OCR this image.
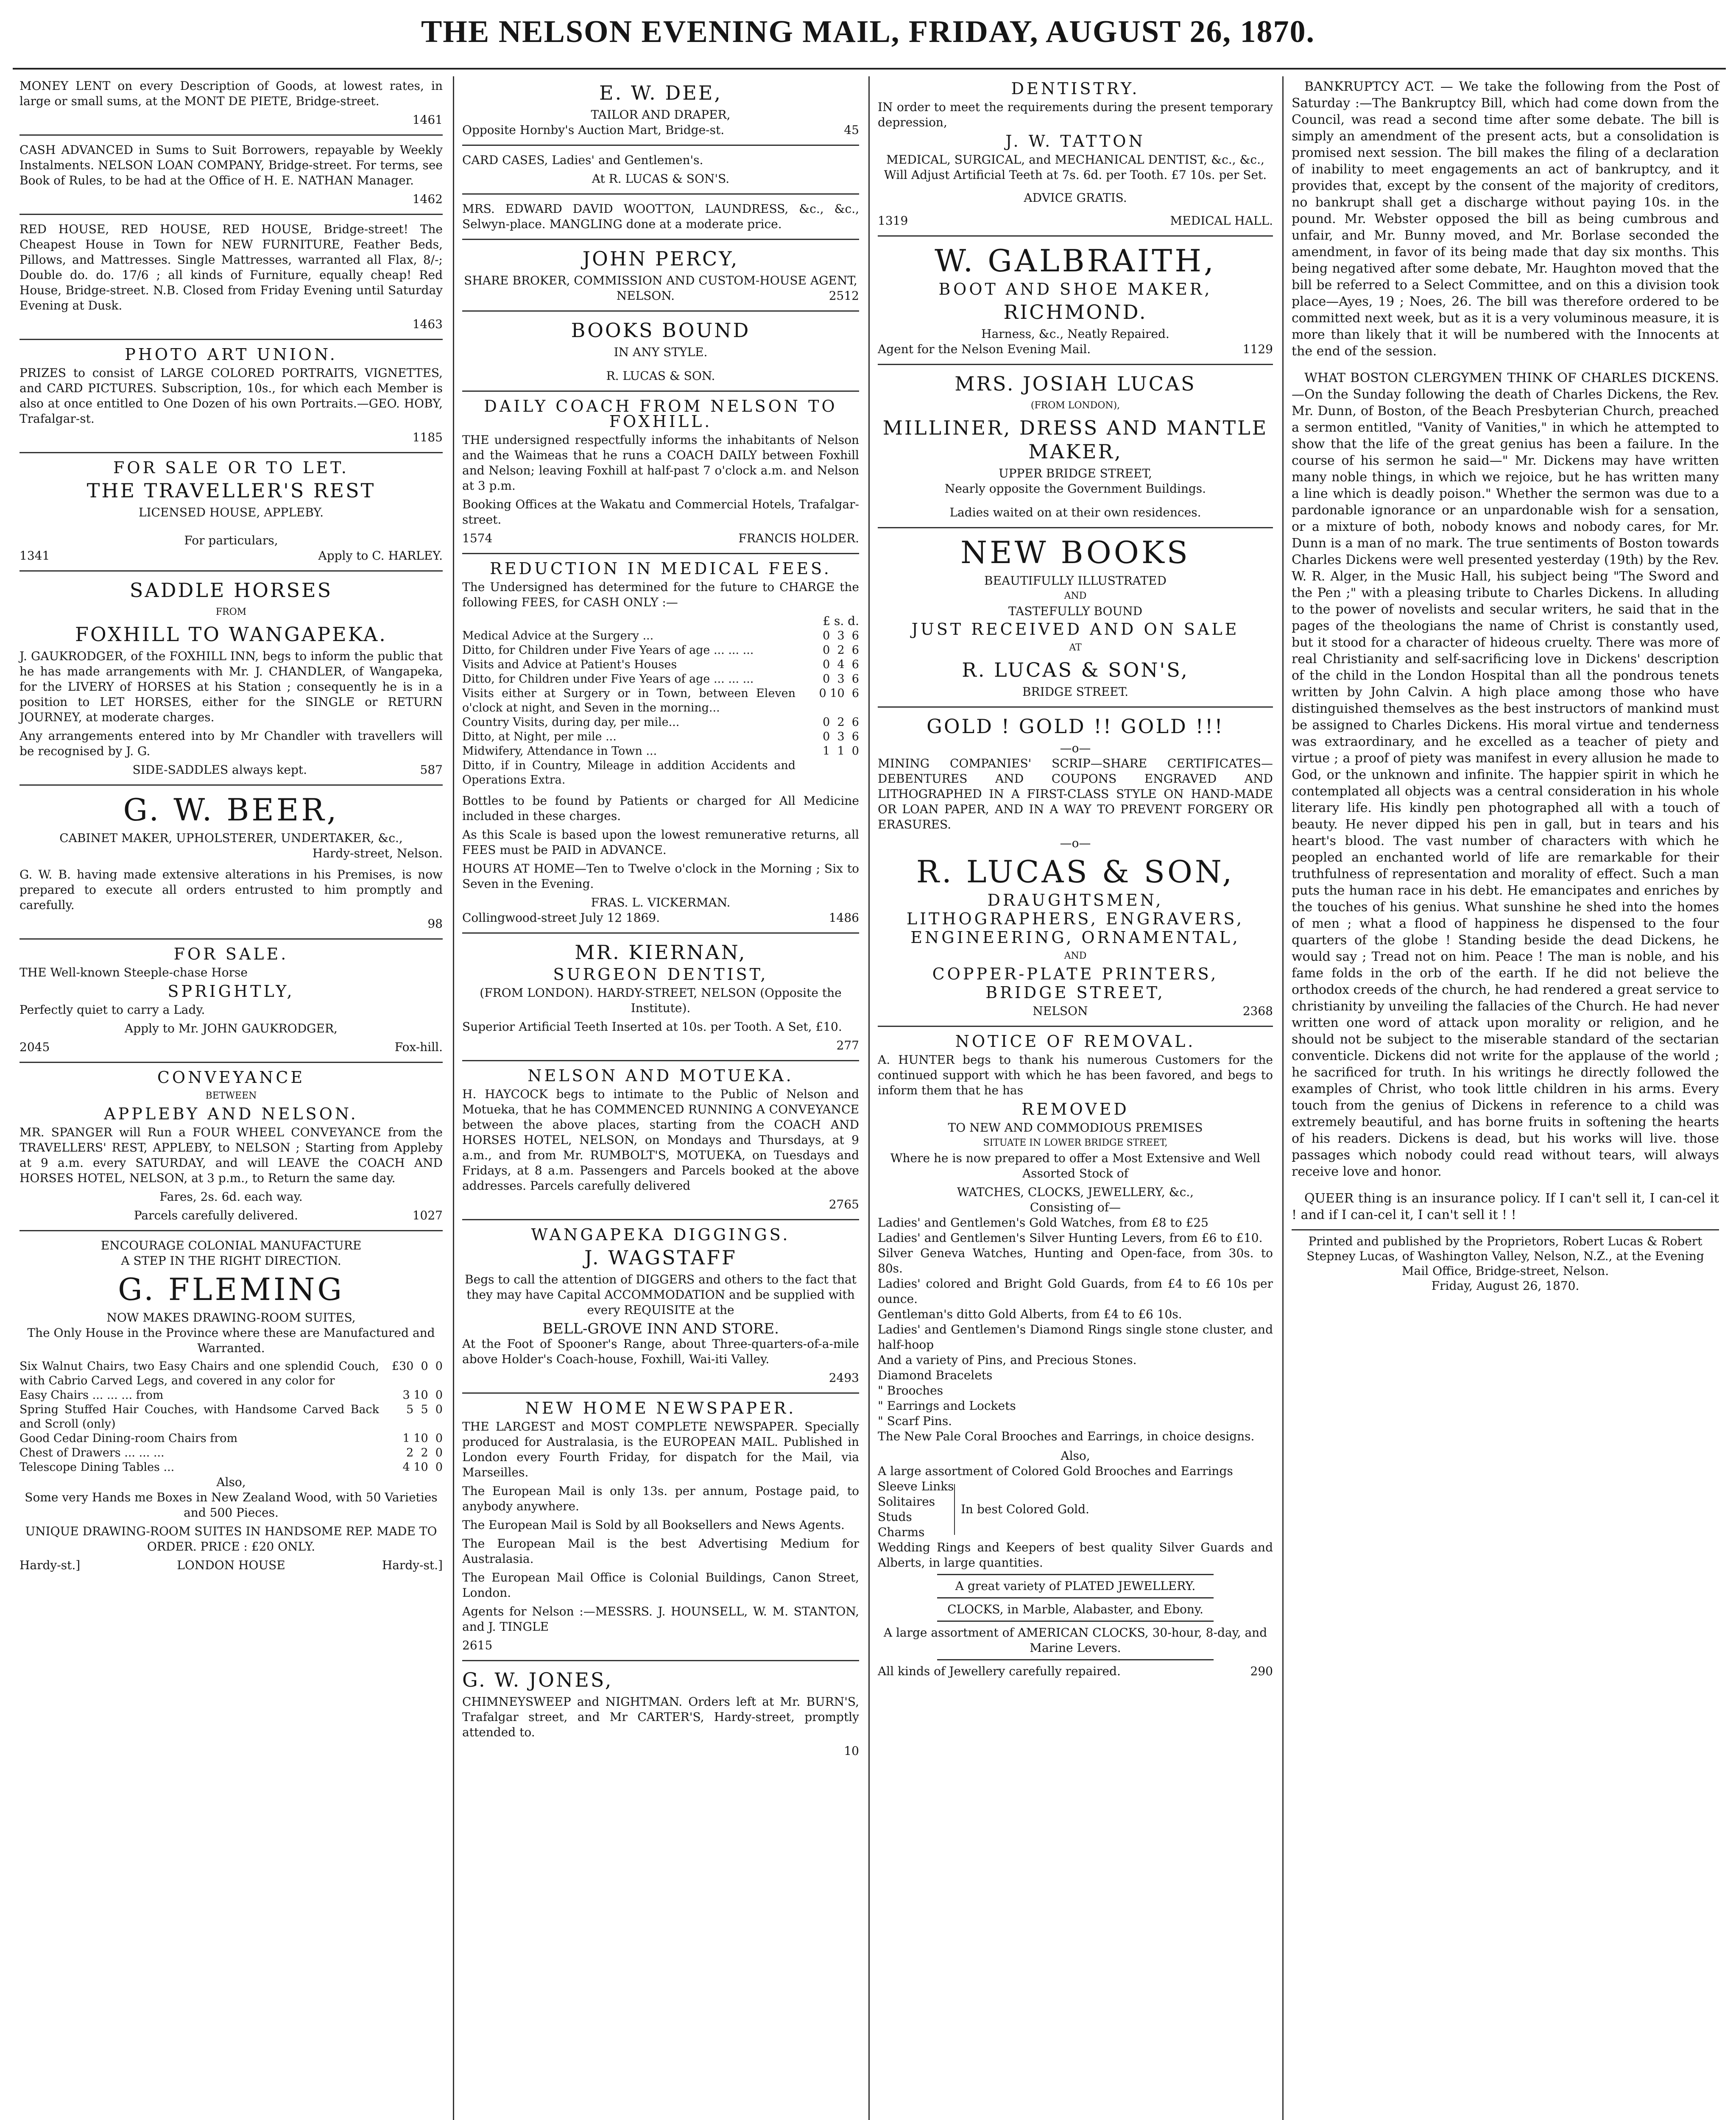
THE NELSON EVENING MAIL, FRIDAY, AUGUST 26, 1870.

MONEY LENT on every Description of Goods, at lowest rates, in large or small sums, at the MONT DE PIETE, Bridge-street.

1461

CASH ADVANCED in Sums to Suit Borrowers, repayable by Weekly Instalments. NELSON LOAN COMPANY, Bridge-street. For terms, see Book of Rules, to be had at the Office of H. E. NATHAN Manager.

1462

RED HOUSE, RED HOUSE, RED HOUSE, Bridge-street! The Cheapest House in Town for NEW FURNITURE, Feather Beds, Pillows, and Mattresses. Single Mattresses, warranted all Flax, 8/-; Double do. do. 17/6 ; all kinds of Furniture, equally cheap! Red House, Bridge-street. N.B. Closed from Friday Evening until Saturday Evening at Dusk.

1463
PHOTO ART UNION.

PRIZES to consist of LARGE COLORED PORTRAITS, VIGNETTES, and CARD PICTURES. Subscription, 10s., for which each Member is also at once entitled to One Dozen of his own Portraits.—GEO. HOBY, Trafalgar-st.

1185
FOR SALE OR TO LET.
THE TRAVELLER'S REST
LICENSED HOUSE, APPLEBY.
For particulars,
1341	Apply to C. HARLEY.
SADDLE HORSES
FROM
FOXHILL TO WANGAPEKA.

J. GAUKRODGER, of the FOXHILL INN, begs to inform the public that he has made arrangements with Mr. J. CHANDLER, of Wangapeka, for the LIVERY of HORSES at his Station ; consequently he is in a position to LET HORSES, either for the SINGLE or RETURN JOURNEY, at moderate charges.

Any arrangements entered into by Mr Chandler with travellers will be recognised by J. G.

SIDE-SADDLES always kept.	587
G. W. BEER,
CABINET MAKER, UPHOLSTERER, UNDERTAKER, &c.,
Hardy-street, Nelson.

G. W. B. having made extensive alterations in his Premises, is now prepared to execute all orders entrusted to him promptly and carefully.

98
FOR SALE.

THE Well-known Steeple-chase Horse

SPRIGHTLY,

Perfectly quiet to carry a Lady.

Apply to Mr. JOHN GAUKRODGER,

2045	Fox-hill.
CONVEYANCE
BETWEEN
APPLEBY AND NELSON.

MR. SPANGER will Run a FOUR WHEEL CONVEYANCE from the TRAVELLERS' REST, APPLEBY, to NELSON ; Starting from Appleby at 9 a.m. every SATURDAY, and will LEAVE the COACH AND HORSES HOTEL, NELSON, at 3 p.m., to Return the same day.

Fares, 2s. 6d. each way.

Parcels carefully delivered.	1027
ENCOURAGE COLONIAL MANUFACTURE
A STEP IN THE RIGHT DIRECTION.
G. FLEMING
NOW MAKES DRAWING-ROOM SUITES,

The Only House in the Province where these are Manufactured and Warranted.

Six Walnut Chairs, two Easy Chairs and one splendid Couch, with Cabrio Carved Legs, and covered in any color for	£30  0  0
Easy Chairs ... ... ... from	3 10  0
Spring Stuffed Hair Couches, with Handsome Carved Back and Scroll (only)	5  5  0
Good Cedar Dining-room Chairs from	1 10  0
Chest of Drawers ... ... ...	2  2  0
Telescope Dining Tables ...	4 10  0
Also,

Some very Hands me Boxes in New Zealand Wood, with 50 Varieties and 500 Pieces.

UNIQUE DRAWING-ROOM SUITES IN HANDSOME REP. MADE TO ORDER. PRICE : £20 ONLY.

Hardy-st.]	LONDON HOUSE	Hardy-st.]
E. W. DEE,
TAILOR AND DRAPER,
Opposite Hornby's Auction Mart, Bridge-st.	45

CARD CASES, Ladies' and Gentlemen's.

At R. LUCAS & SON'S.

MRS. EDWARD DAVID WOOTTON, LAUNDRESS, &c., &c., Selwyn-place. MANGLING done at a moderate price.

JOHN PERCY,
SHARE BROKER, COMMISSION AND CUSTOM-HOUSE AGENT,
NELSON.	2512
BOOKS BOUND
IN ANY STYLE.
R. LUCAS & SON.
DAILY COACH FROM NELSON TO FOXHILL.

THE undersigned respectfully informs the inhabitants of Nelson and the Waimeas that he runs a COACH DAILY between Foxhill and Nelson; leaving Foxhill at half-past 7 o'clock a.m. and Nelson at 3 p.m.

Booking Offices at the Wakatu and Commercial Hotels, Trafalgar-street.

1574	FRANCIS HOLDER.
REDUCTION IN MEDICAL FEES.

The Undersigned has determined for the future to CHARGE the following FEES, for CASH ONLY :—

£ s. d.
Medical Advice at the Surgery ...	0  3  6
Ditto, for Children under Five Years of age ... ... ...	0  2  6
Visits and Advice at Patient's Houses	0  4  6
Ditto, for Children under Five Years of age ... ... ...	0  3  6
Visits either at Surgery or in Town, between Eleven o'clock at night, and Seven in the morning...	0 10  6
Country Visits, during day, per mile...	0  2  6
Ditto, at Night, per mile ...	0  3  6
Midwifery, Attendance in Town ...	1  1  0
Ditto, if in Country, Mileage in addition Accidents and Operations Extra.	

Bottles to be found by Patients or charged for All Medicine included in these charges.

As this Scale is based upon the lowest remunerative returns, all FEES must be PAID in ADVANCE.

HOURS AT HOME—Ten to Twelve o'clock in the Morning ; Six to Seven in the Evening.

FRAS. L. VICKERMAN.
Collingwood-street July 12 1869.	1486
MR. KIERNAN,
SURGEON DENTIST,

(FROM LONDON). HARDY-STREET, NELSON (Opposite the Institute).

Superior Artificial Teeth Inserted at 10s. per Tooth. A Set, £10.

277
NELSON AND MOTUEKA.

H. HAYCOCK begs to intimate to the Public of Nelson and Motueka, that he has COMMENCED RUNNING A CONVEYANCE between the above places, starting from the COACH AND HORSES HOTEL, NELSON, on Mondays and Thursdays, at 9 a.m., and from Mr. RUMBOLT'S, MOTUEKA, on Tuesdays and Fridays, at 8 a.m. Passengers and Parcels booked at the above addresses. Parcels carefully delivered

2765
WANGAPEKA DIGGINGS.
J. WAGSTAFF

Begs to call the attention of DIGGERS and others to the fact that they may have Capital ACCOMMODATION and be supplied with every REQUISITE at the

BELL-GROVE INN AND STORE.

At the Foot of Spooner's Range, about Three-quarters-of-a-mile above Holder's Coach-house, Foxhill, Wai-iti Valley.

2493
NEW HOME NEWSPAPER.

THE LARGEST and MOST COMPLETE NEWSPAPER. Specially produced for Australasia, is the EUROPEAN MAIL. Published in London every Fourth Friday, for dispatch for the Mail, via Marseilles.

The European Mail is only 13s. per annum, Postage paid, to anybody anywhere.

The European Mail is Sold by all Booksellers and News Agents.

The European Mail is the best Advertising Medium for Australasia.

The European Mail Office is Colonial Buildings, Canon Street, London.

Agents for Nelson :—MESSRS. J. HOUNSELL, W. M. STANTON, and J. TINGLE

2615
G. W. JONES,

CHIMNEYSWEEP and NIGHTMAN. Orders left at Mr. BURN'S, Trafalgar street, and Mr CARTER'S, Hardy-street, promptly attended to.

10
DENTISTRY.

IN order to meet the requirements during the present temporary depression,

J. W. TATTON
MEDICAL, SURGICAL, and MECHANICAL DENTIST, &c., &c.,

Will Adjust Artificial Teeth at 7s. 6d. per Tooth. £7 10s. per Set.

ADVICE GRATIS.
1319	MEDICAL HALL.
W. GALBRAITH,
BOOT AND SHOE MAKER,
RICHMOND.
Harness, &c., Neatly Repaired.
Agent for the Nelson Evening Mail.	1129
MRS. JOSIAH LUCAS
(FROM LONDON),
MILLINER, DRESS AND MANTLE MAKER,
UPPER BRIDGE STREET,
Nearly opposite the Government Buildings.
Ladies waited on at their own residences.
NEW BOOKS
BEAUTIFULLY ILLUSTRATED
AND
TASTEFULLY BOUND
JUST RECEIVED AND ON SALE
AT
R. LUCAS & SON'S,
BRIDGE STREET.
GOLD ! GOLD !! GOLD !!!
—o—

MINING COMPANIES' SCRIP—SHARE CERTIFICATES—DEBENTURES AND COUPONS ENGRAVED AND LITHOGRAPHED IN A FIRST-CLASS STYLE ON HAND-MADE OR LOAN PAPER, AND IN A WAY TO PREVENT FORGERY OR ERASURES.

—o—
R. LUCAS & SON,
DRAUGHTSMEN,
LITHOGRAPHERS, ENGRAVERS,
ENGINEERING, ORNAMENTAL,
AND
COPPER-PLATE PRINTERS,
BRIDGE STREET,
NELSON	2368
NOTICE OF REMOVAL.

A. HUNTER begs to thank his numerous Customers for the continued support with which he has been favored, and begs to inform them that he has

REMOVED
TO NEW AND COMMODIOUS PREMISES
SITUATE IN LOWER BRIDGE STREET,

Where he is now prepared to offer a Most Extensive and Well Assorted Stock of

WATCHES, CLOCKS, JEWELLERY, &c.,
Consisting of—
Ladies' and Gentlemen's Gold Watches, from £8 to £25
Ladies' and Gentlemen's Silver Hunting Levers, from £6 to £10.
Silver Geneva Watches, Hunting and Open-face, from 30s. to 80s.
Ladies' colored and Bright Gold Guards, from £4 to £6 10s per ounce.
Gentleman's ditto Gold Alberts, from £4 to £6 10s.
Ladies' and Gentlemen's Diamond Rings single stone cluster, and half-hoop
And a variety of Pins, and Precious Stones.
Diamond Bracelets
" Brooches
" Earrings and Lockets
" Scarf Pins.
The New Pale Coral Brooches and Earrings, in choice designs.
Also,
A large assortment of Colored Gold Brooches and Earrings
Sleeve Links
Solitaires
Studs
Charms
In best Colored Gold.

Wedding Rings and Keepers of best quality Silver Guards and Alberts, in large quantities.

A great variety of PLATED JEWELLERY.
CLOCKS, in Marble, Alabaster, and Ebony.
A large assortment of AMERICAN CLOCKS, 30-hour, 8-day, and Marine Levers.
All kinds of Jewellery carefully repaired.	290

BANKRUPTCY ACT. — We take the following from the Post of Saturday :—The Bankruptcy Bill, which had come down from the Council, was read a second time after some debate. The bill is simply an amendment of the present acts, but a consolidation is promised next session. The bill makes the filing of a declaration of inability to meet engagements an act of bankruptcy, and it provides that, except by the consent of the majority of creditors, no bankrupt shall get a discharge without paying 10s. in the pound. Mr. Webster opposed the bill as being cumbrous and unfair, and Mr. Bunny moved, and Mr. Borlase seconded the amendment, in favor of its being made that day six months. This being negatived after some debate, Mr. Haughton moved that the bill be referred to a Select Committee, and on this a division took place—Ayes, 19 ; Noes, 26. The bill was therefore ordered to be committed next week, but as it is a very voluminous measure, it is more than likely that it will be numbered with the Innocents at the end of the session.

WHAT BOSTON CLERGYMEN THINK OF CHARLES DICKENS.—On the Sunday following the death of Charles Dickens, the Rev. Mr. Dunn, of Boston, of the Beach Presbyterian Church, preached a sermon entitled, "Vanity of Vanities," in which he attempted to show that the life of the great genius has been a failure. In the course of his sermon he said—" Mr. Dickens may have written many noble things, in which we rejoice, but he has written many a line which is deadly poison." Whether the sermon was due to a pardonable ignorance or an unpardonable wish for a sensation, or a mixture of both, nobody knows and nobody cares, for Mr. Dunn is a man of no mark. The true sentiments of Boston towards Charles Dickens were well presented yesterday (19th) by the Rev. W. R. Alger, in the Music Hall, his subject being "The Sword and the Pen ;" with a pleasing tribute to Charles Dickens. In alluding to the power of novelists and secular writers, he said that in the pages of the theologians the name of Christ is constantly used, but it stood for a character of hideous cruelty. There was more of real Christianity and self-sacrificing love in Dickens' description of the child in the London Hospital than all the pondrous tenets written by John Calvin. A high place among those who have distinguished themselves as the best instructors of mankind must be assigned to Charles Dickens. His moral virtue and tenderness was extraordinary, and he excelled as a teacher of piety and virtue ; a proof of piety was manifest in every allusion he made to God, or the unknown and infinite. The happier spirit in which he contemplated all objects was a central consideration in his whole literary life. His kindly pen photographed all with a touch of beauty. He never dipped his pen in gall, but in tears and his heart's blood. The vast number of characters with which he peopled an enchanted world of life are remarkable for their truthfulness of representation and morality of effect. Such a man puts the human race in his debt. He emancipates and enriches by the touches of his genius. What sunshine he shed into the homes of men ; what a flood of happiness he dispensed to the four quarters of the globe ! Standing beside the dead Dickens, he would say ; Tread not on him. Peace ! The man is noble, and his fame folds in the orb of the earth. If he did not believe the orthodox creeds of the church, he had rendered a great service to christianity by unveiling the fallacies of the Church. He had never written one word of attack upon morality or religion, and he should not be subject to the miserable standard of the sectarian conventicle. Dickens did not write for the applause of the world ; he sacrificed for truth. In his writings he directly followed the examples of Christ, who took little children in his arms. Every touch from the genius of Dickens in reference to a child was extremely beautiful, and has borne fruits in softening the hearts of his readers. Dickens is dead, but his works will live. those passages which nobody could read without tears, will always receive love and honor.

QUEER thing is an insurance policy. If I can't sell it, I can-cel it ! and if I can-cel it, I can't sell it ! !

Printed and published by the Proprietors, Robert Lucas & Robert Stepney Lucas, of Washington Valley, Nelson, N.Z., at the Evening Mail Office, Bridge-street, Nelson.
Friday, August 26, 1870.
